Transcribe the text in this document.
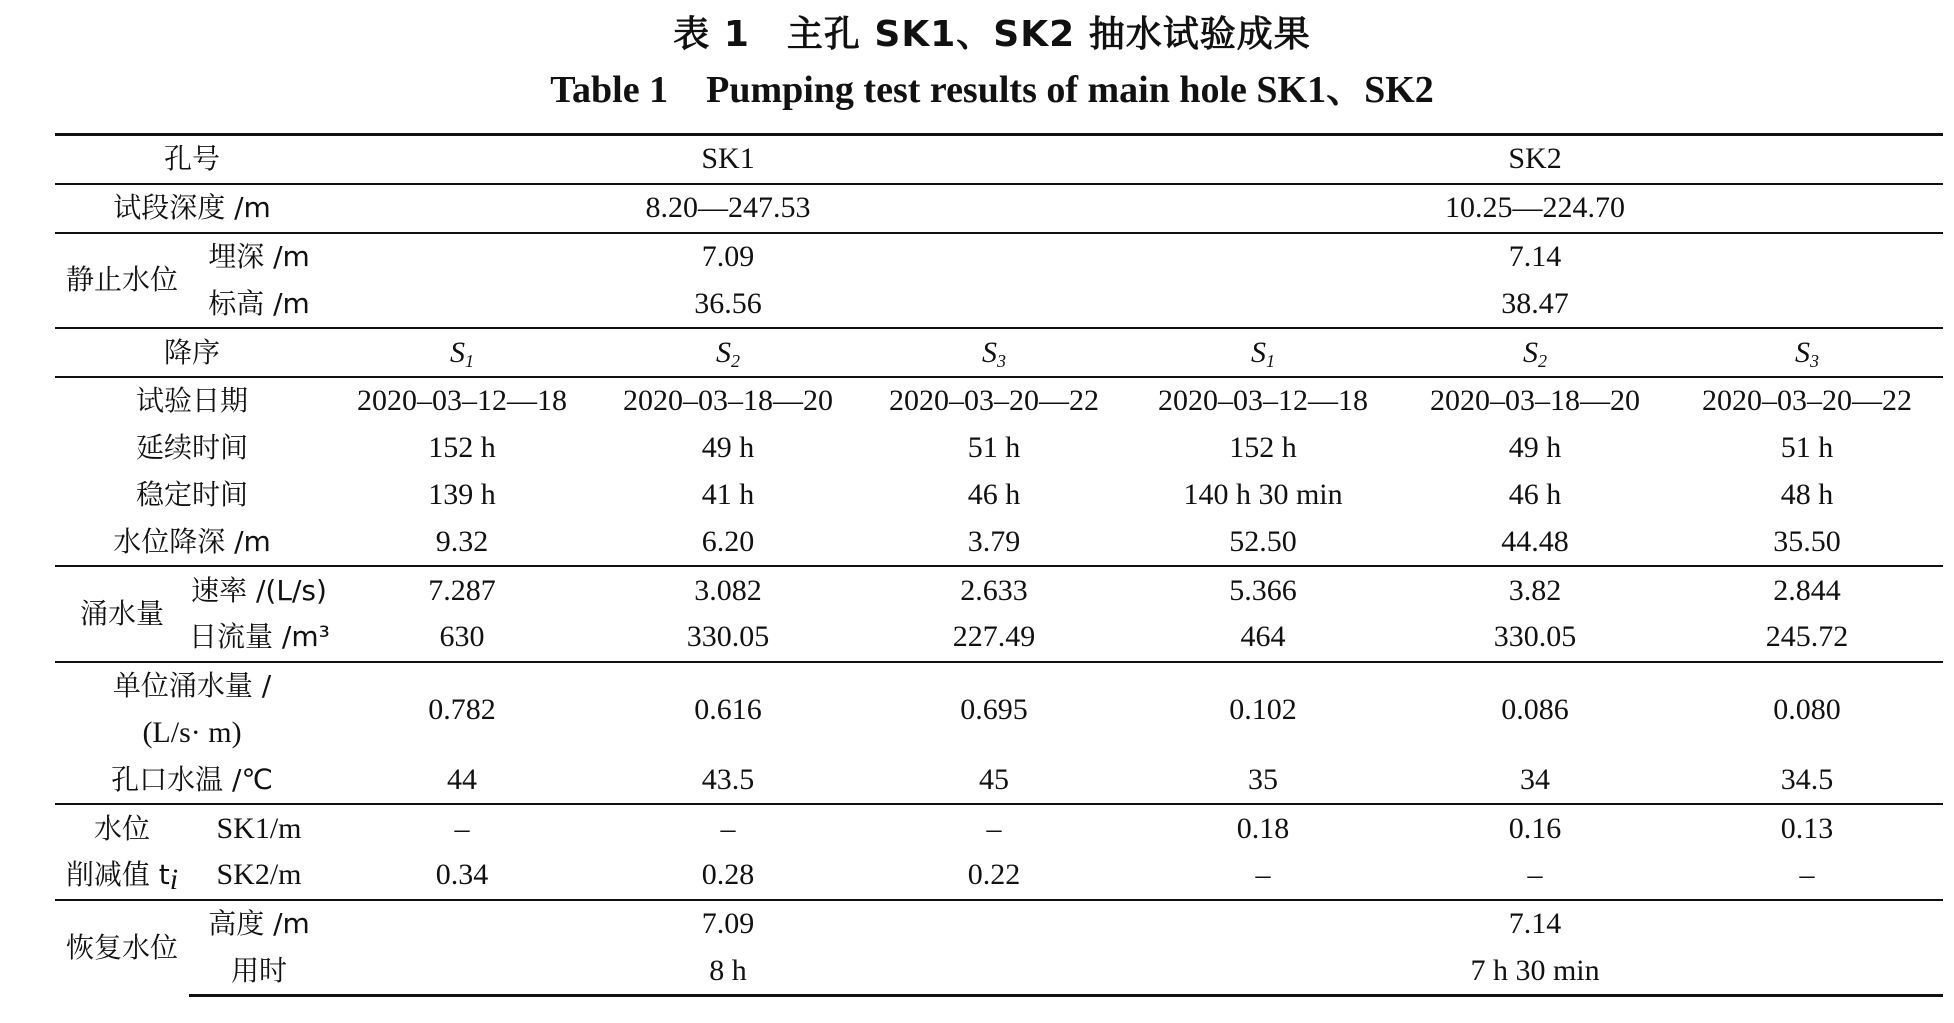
表 1　主孔 SK1、SK2 抽水试验成果
Table 1　Pumping test results of main hole SK1、SK2
孔号		SK1			SK2		
试段深度 /m		8.20—247.53			10.25—224.70		
静止水位	埋深 /m	7.09			7.14		
	标高 /m	36.56			38.47		
降序		$S_1$	$S_2$	$S_3$	$S_1$	$S_2$	$S_3$
试验日期		2020–03–12—18	2020–03–18—20	2020–03–20—22	2020–03–12—18	2020–03–18—20	2020–03–20—22
延续时间		152 h	49 h	51 h	152 h	49 h	51 h
稳定时间		139 h	41 h	46 h	140 h 30 min	46 h	48 h
水位降深 /m		9.32	6.20	3.79	52.50	44.48	35.50
涌水量	速率 /(L/s)	7.287	3.082	2.633	5.366	3.82	2.844
	日流量 /m³	630	330.05	227.49	464	330.05	245.72
单位涌水量 /		0.782	0.616	0.695	0.102	0.086	0.080
(L/s· m)							
孔口水温 /℃		44	43.5	45	35	34	34.5
水位	SK1/m	–	–	–	0.18	0.16	0.13
削减值 $t_i$	SK2/m	0.34	0.28	0.22	–	–	–
恢复水位	高度 /m	7.09			7.14		
	用时	8 h			7 h 30 min		
